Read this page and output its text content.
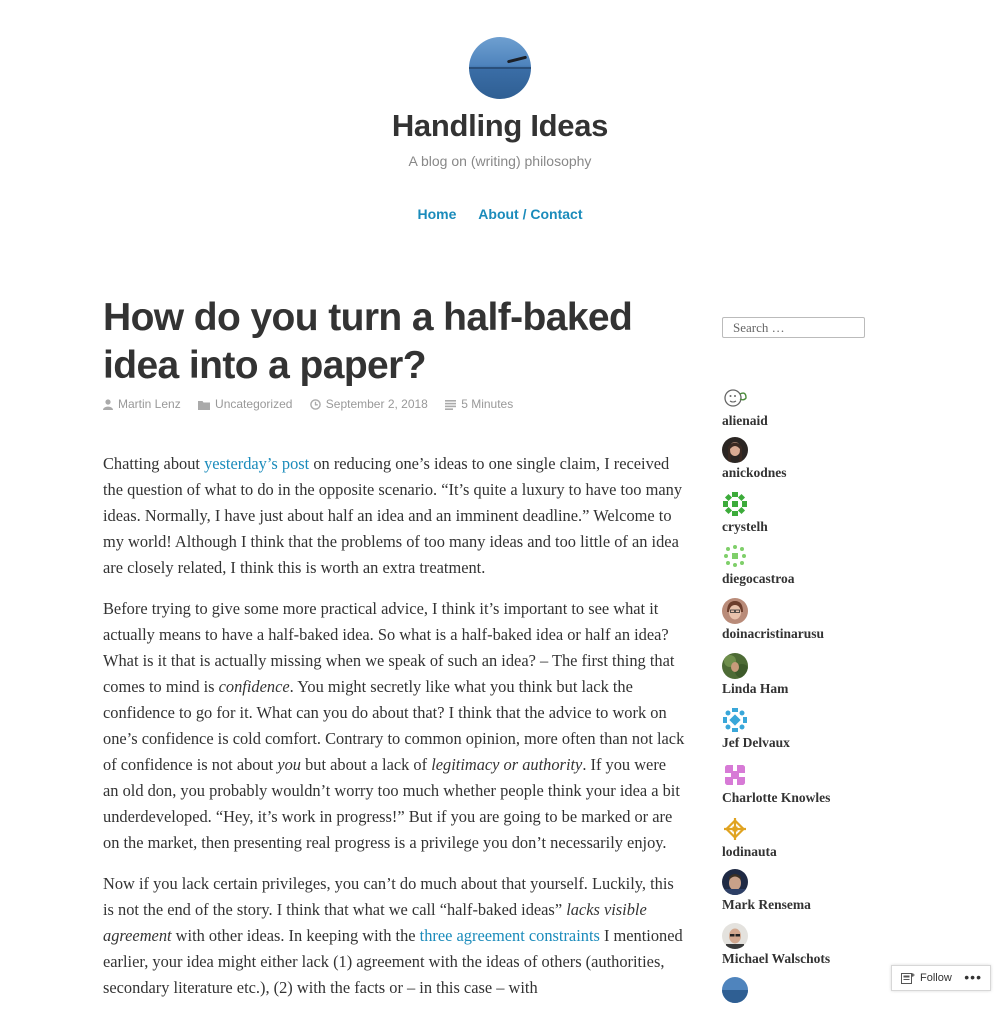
Handling Ideas
A blog on (writing) philosophy
Home About / Contact
How do you turn a half-baked idea into a paper?
Martin Lenz	Uncategorized	September 2, 2018	5 Minutes

Chatting about yesterday’s post on reducing one’s ideas to one single claim, I received the question of what to do in the opposite scenario. “It’s quite a luxury to have too many ideas. Normally, I have just about half an idea and an imminent deadline.” Welcome to my world! Although I think that the problems of too many ideas and too little of an idea are closely related, I think this is worth an extra treatment.

Before trying to give some more practical advice, I think it’s important to see what it actually means to have a half-baked idea. So what is a half-baked idea or half an idea? What is it that is actually missing when we speak of such an idea? – The first thing that comes to mind is confidence. You might secretly like what you think but lack the confidence to go for it. What can you do about that? I think that the advice to work on one’s confidence is cold comfort. Contrary to common opinion, more often than not lack of confidence is not about you but about a lack of legitimacy or authority. If you were an old don, you probably wouldn’t worry too much whether people think your idea a bit underdeveloped. “Hey, it’s work in progress!” But if you are going to be marked or are on the market, then presenting real progress is a privilege you don’t necessarily enjoy.

Now if you lack certain privileges, you can’t do much about that yourself. Luckily, this is not the end of the story. I think that what we call “half-baked ideas” lacks visible agreement with other ideas. In keeping with the three agreement constraints I mentioned earlier, your idea might either lack (1) agreement with the ideas of others (authorities, secondary literature etc.), (2) with the facts or – in this case – with

Search …
alienaid
anickodnes
crystelh
diegocastroa
doinacristinarusu
Linda Ham
Jef Delvaux
Charlotte Knowles
lodinauta
Mark Rensema
Michael Walschots
Follow •••
